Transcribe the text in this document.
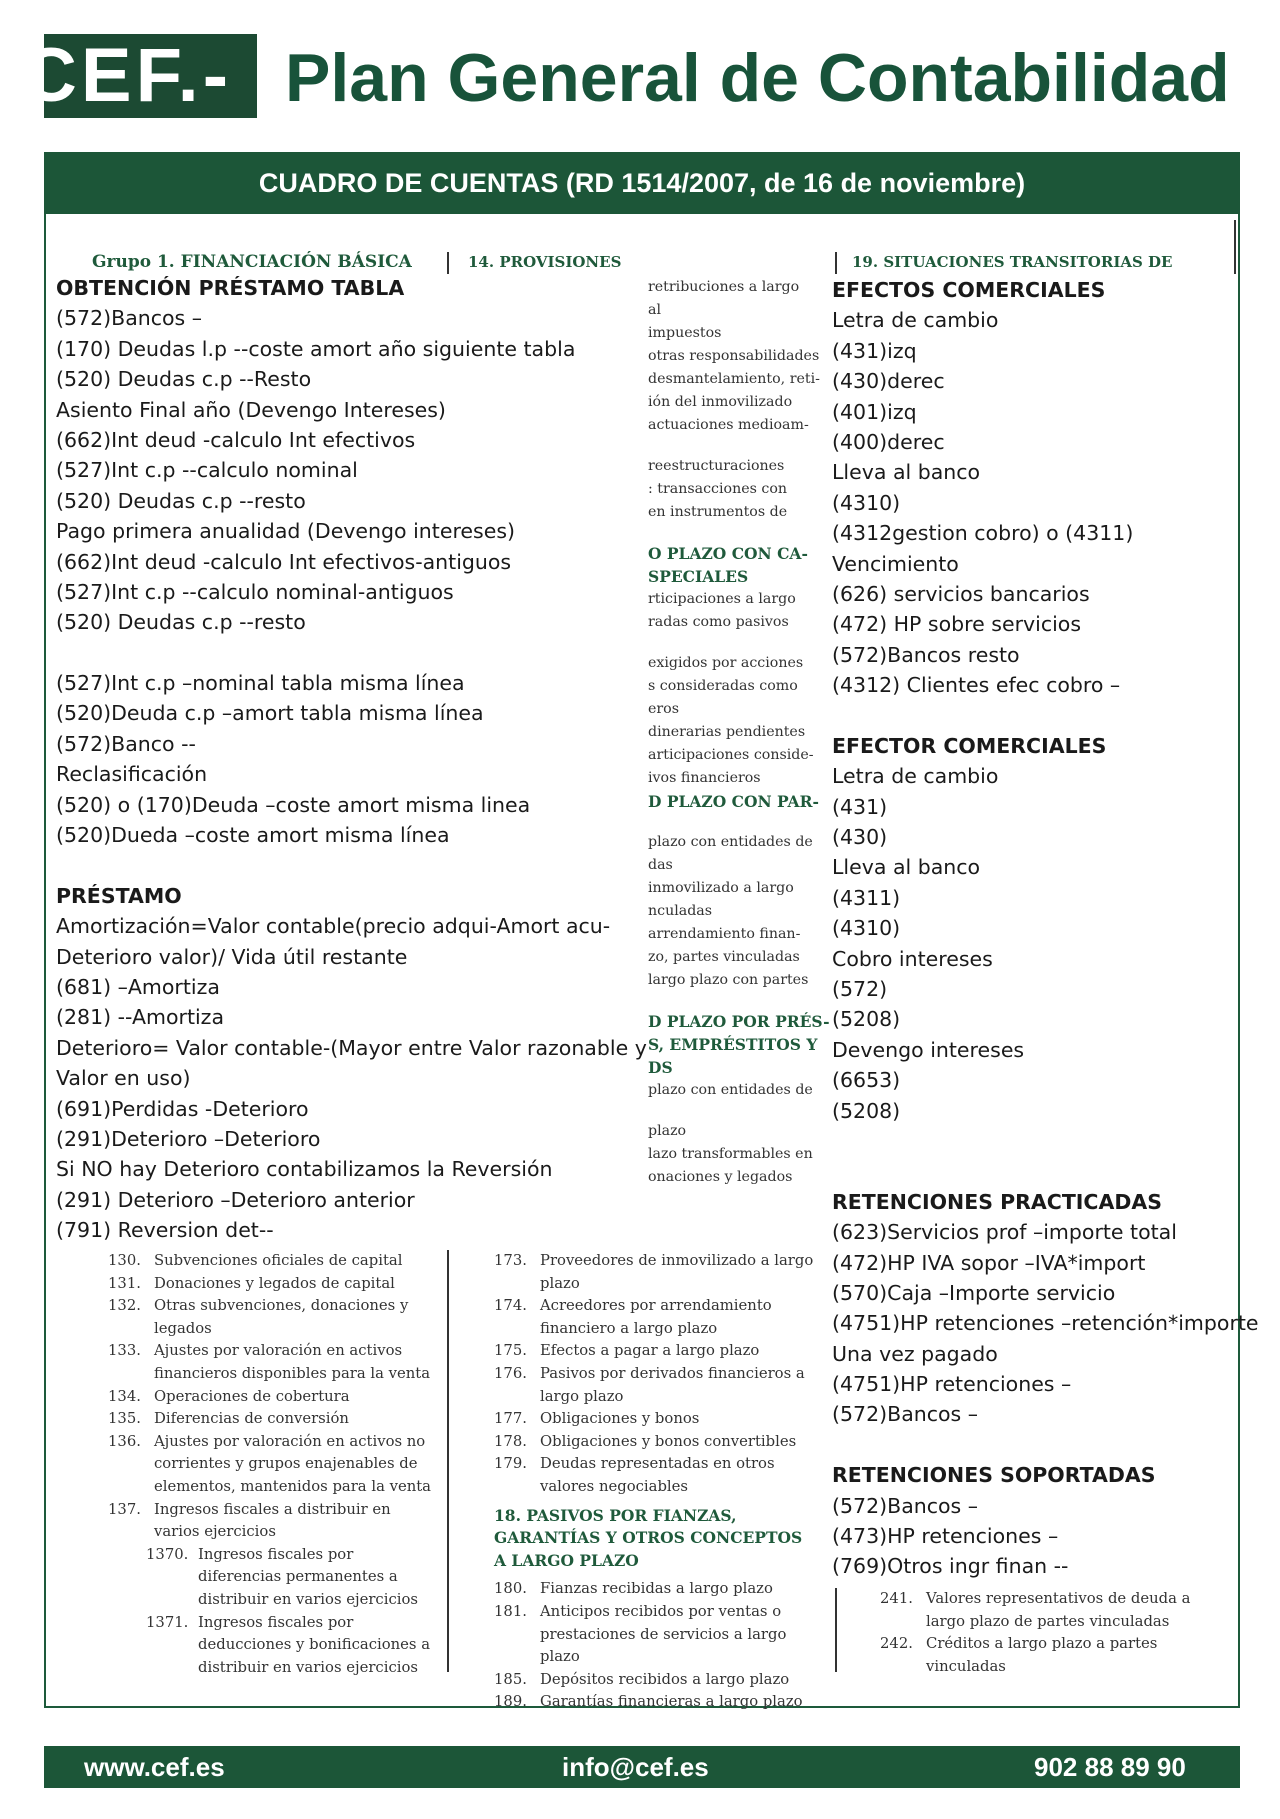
CEF.- Plan General de Contabilidad
CUADRO DE CUENTAS (RD 1514/2007, de 16 de noviembre)
Grupo 1. FINANCIACIÓN BÁSICA	14. PROVISIONES	19. SITUACIONES TRANSITORIAS DE
retribuciones a largo
al
impuestos
otras responsabilidades
desmantelamiento, reti-
ión del inmovilizado
actuaciones medioam-
reestructuraciones
: transacciones con
en instrumentos de
O PLAZO CON CA-
SPECIALES
rticipaciones a largo
radas como pasivos
exigidos por acciones
s consideradas como
eros
dinerarias pendientes
articipaciones conside-
ivos financieros
D PLAZO CON PAR-
plazo con entidades de
das
inmovilizado a largo
nculadas
arrendamiento finan-
zo, partes vinculadas
largo plazo con partes
D PLAZO POR PRÉS-
S, EMPRÉSTITOS Y
DS
plazo con entidades de
plazo
lazo transformables en
onaciones y legados
OBTENCIÓN PRÉSTAMO TABLA
(572)Bancos –
(170) Deudas l.p --coste amort año siguiente tabla
(520) Deudas c.p --Resto
Asiento Final año (Devengo Intereses)
(662)Int deud -calculo Int efectivos
(527)Int c.p --calculo nominal
(520) Deudas c.p --resto
Pago primera anualidad (Devengo intereses)
(662)Int deud -calculo Int efectivos-antiguos
(527)Int c.p --calculo nominal-antiguos
(520) Deudas c.p --resto
(527)Int c.p –nominal tabla misma línea
(520)Deuda c.p –amort tabla misma línea
(572)Banco --
Reclasificación
(520) o (170)Deuda –coste amort misma linea
(520)Dueda –coste amort misma línea
PRÉSTAMO
Amortización=Valor contable(precio adqui-Amort acu-
Deterioro valor)/ Vida útil restante
(681) –Amortiza
(281) --Amortiza
Deterioro= Valor contable-(Mayor entre Valor razonable y
Valor en uso)
(691)Perdidas -Deterioro
(291)Deterioro –Deterioro
Si NO hay Deterioro contabilizamos la Reversión
(291) Deterioro –Deterioro anterior
(791) Reversion det--
EFECTOS COMERCIALES
Letra de cambio
(431)izq
(430)derec
(401)izq
(400)derec
Lleva al banco
(4310)
(4312gestion cobro) o (4311)
Vencimiento
(626) servicios bancarios
(472) HP sobre servicios
(572)Bancos resto
(4312) Clientes efec cobro –
EFECTOR COMERCIALES
Letra de cambio
(431)
(430)
Lleva al banco
(4311)
(4310)
Cobro intereses
(572)
(5208)
Devengo intereses
(6653)
(5208)
RETENCIONES PRACTICADAS
(623)Servicios prof –importe total
(472)HP IVA sopor –IVA*import
(570)Caja –Importe servicio
(4751)HP retenciones –retención*importe
Una vez pagado
(4751)HP retenciones –
(572)Bancos –
RETENCIONES SOPORTADAS
(572)Bancos –
(473)HP retenciones –
(769)Otros ingr finan --
130. Subvenciones oficiales de capital
131. Donaciones y legados de capital
132. Otras subvenciones, donaciones y legados
133. Ajustes por valoración en activos financieros disponibles para la venta
134. Operaciones de cobertura
135. Diferencias de conversión
136. Ajustes por valoración en activos no corrientes y grupos enajenables de elementos, mantenidos para la venta
137. Ingresos fiscales a distribuir en varios ejercicios
1370. Ingresos fiscales por diferencias permanentes a distribuir en varios ejercicios
1371. Ingresos fiscales por deducciones y bonificaciones a distribuir en varios ejercicios
173. Proveedores de inmovilizado a largo plazo
174. Acreedores por arrendamiento financiero a largo plazo
175. Efectos a pagar a largo plazo
176. Pasivos por derivados financieros a largo plazo
177. Obligaciones y bonos
178. Obligaciones y bonos convertibles
179. Deudas representadas en otros valores negociables
18. PASIVOS POR FIANZAS, GARANTÍAS Y OTROS CONCEPTOS A LARGO PLAZO
180. Fianzas recibidas a largo plazo
181. Anticipos recibidos por ventas o prestaciones de servicios a largo plazo
185. Depósitos recibidos a largo plazo
189. Garantías financieras a largo plazo
241. Valores representativos de deuda a largo plazo de partes vinculadas
242. Créditos a largo plazo a partes vinculadas
www.cef.es	info@cef.es	902 88 89 90
